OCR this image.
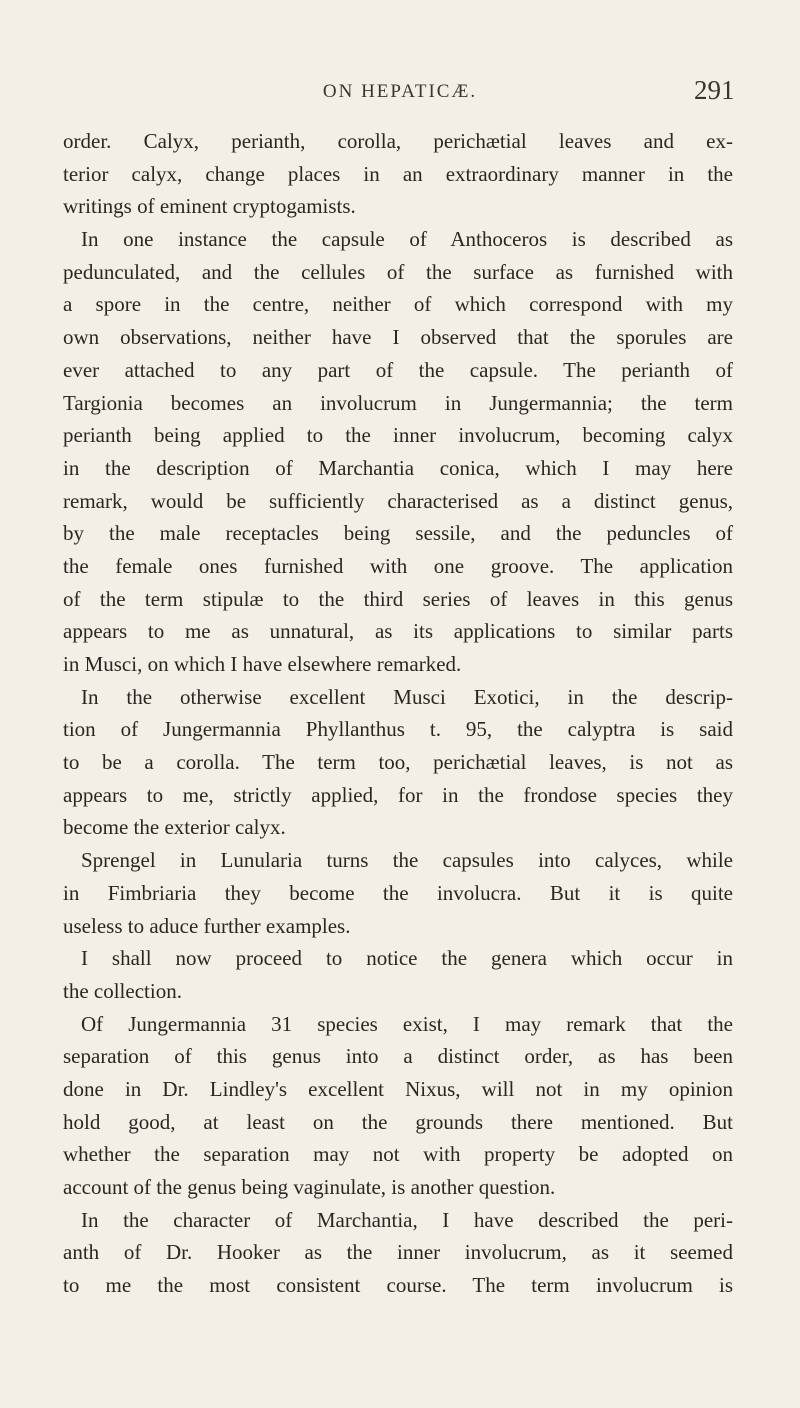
ON HEPATICÆ.	291
order. Calyx, perianth, corolla, perichætial leaves and ex-
terior calyx, change places in an extraordinary manner in the
writings of eminent cryptogamists.
In one instance the capsule of Anthoceros is described as
pedunculated, and the cellules of the surface as furnished with
a spore in the centre, neither of which correspond with my
own observations, neither have I observed that the sporules are
ever attached to any part of the capsule. The perianth of
Targionia becomes an involucrum in Jungermannia; the term
perianth being applied to the inner involucrum, becoming calyx
in the description of Marchantia conica, which I may here
remark, would be sufficiently characterised as a distinct genus,
by the male receptacles being sessile, and the peduncles of
the female ones furnished with one groove. The application
of the term stipulæ to the third series of leaves in this genus
appears to me as unnatural, as its applications to similar parts
in Musci, on which I have elsewhere remarked.
In the otherwise excellent Musci Exotici, in the descrip-
tion of Jungermannia Phyllanthus t. 95, the calyptra is said
to be a corolla. The term too, perichætial leaves, is not as
appears to me, strictly applied, for in the frondose species they
become the exterior calyx.
Sprengel in Lunularia turns the capsules into calyces, while
in Fimbriaria they become the involucra. But it is quite
useless to aduce further examples.
I shall now proceed to notice the genera which occur in
the collection.
Of Jungermannia 31 species exist, I may remark that the
separation of this genus into a distinct order, as has been
done in Dr. Lindley's excellent Nixus, will not in my opinion
hold good, at least on the grounds there mentioned. But
whether the separation may not with property be adopted on
account of the genus being vaginulate, is another question.
In the character of Marchantia, I have described the peri-
anth of Dr. Hooker as the inner involucrum, as it seemed
to me the most consistent course. The term involucrum is
